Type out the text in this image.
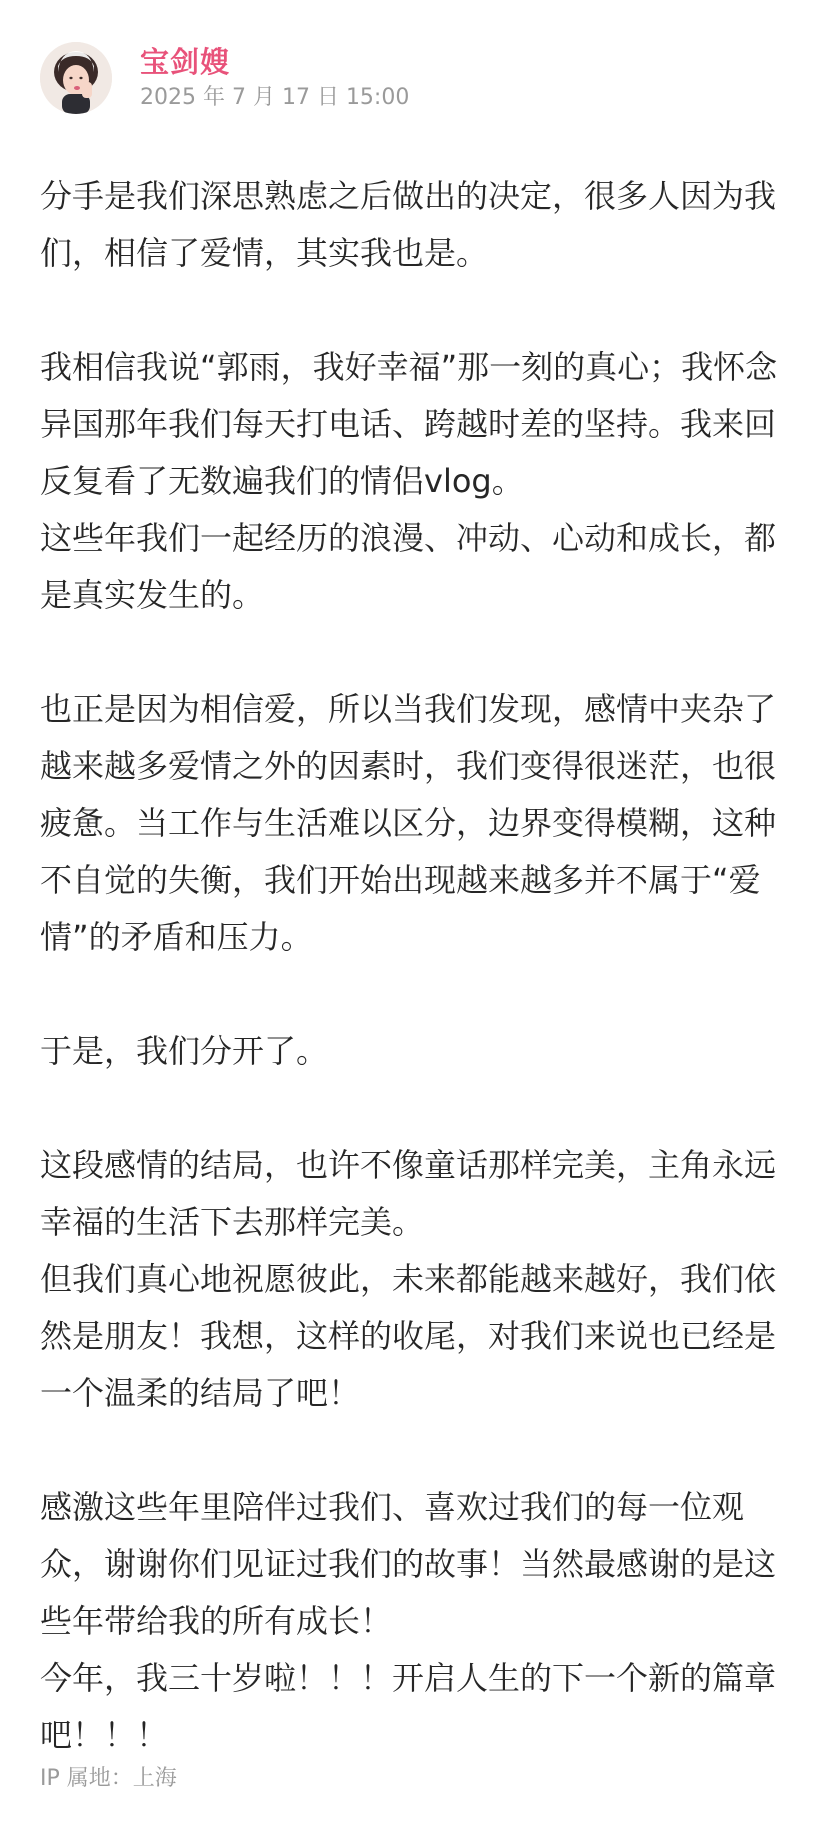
宝剑嫂
2025 年 7 月 17 日 15:00

分手是我们深思熟虑之后做出的决定，很多人因为我们，相信了爱情，其实我也是。

我相信我说“郭雨，我好幸福”那一刻的真心；我怀念异国那年我们每天打电话、跨越时差的坚持。我来回反复看了无数遍我们的情侣vlog。
这些年我们一起经历的浪漫、冲动、心动和成长，都是真实发生的。

也正是因为相信爱，所以当我们发现，感情中夹杂了越来越多爱情之外的因素时，我们变得很迷茫，也很疲惫。当工作与生活难以区分，边界变得模糊，这种不自觉的失衡，我们开始出现越来越多并不属于“爱情”的矛盾和压力。

于是，我们分开了。

这段感情的结局，也许不像童话那样完美，主角永远幸福的生活下去那样完美。
但我们真心地祝愿彼此，未来都能越来越好，我们依然是朋友！我想，这样的收尾，对我们来说也已经是一个温柔的结局了吧！

感激这些年里陪伴过我们、喜欢过我们的每一位观众，谢谢你们见证过我们的故事！当然最感谢的是这些年带给我的所有成长！
今年，我三十岁啦！！！开启人生的下一个新的篇章吧！！！

IP 属地：上海
